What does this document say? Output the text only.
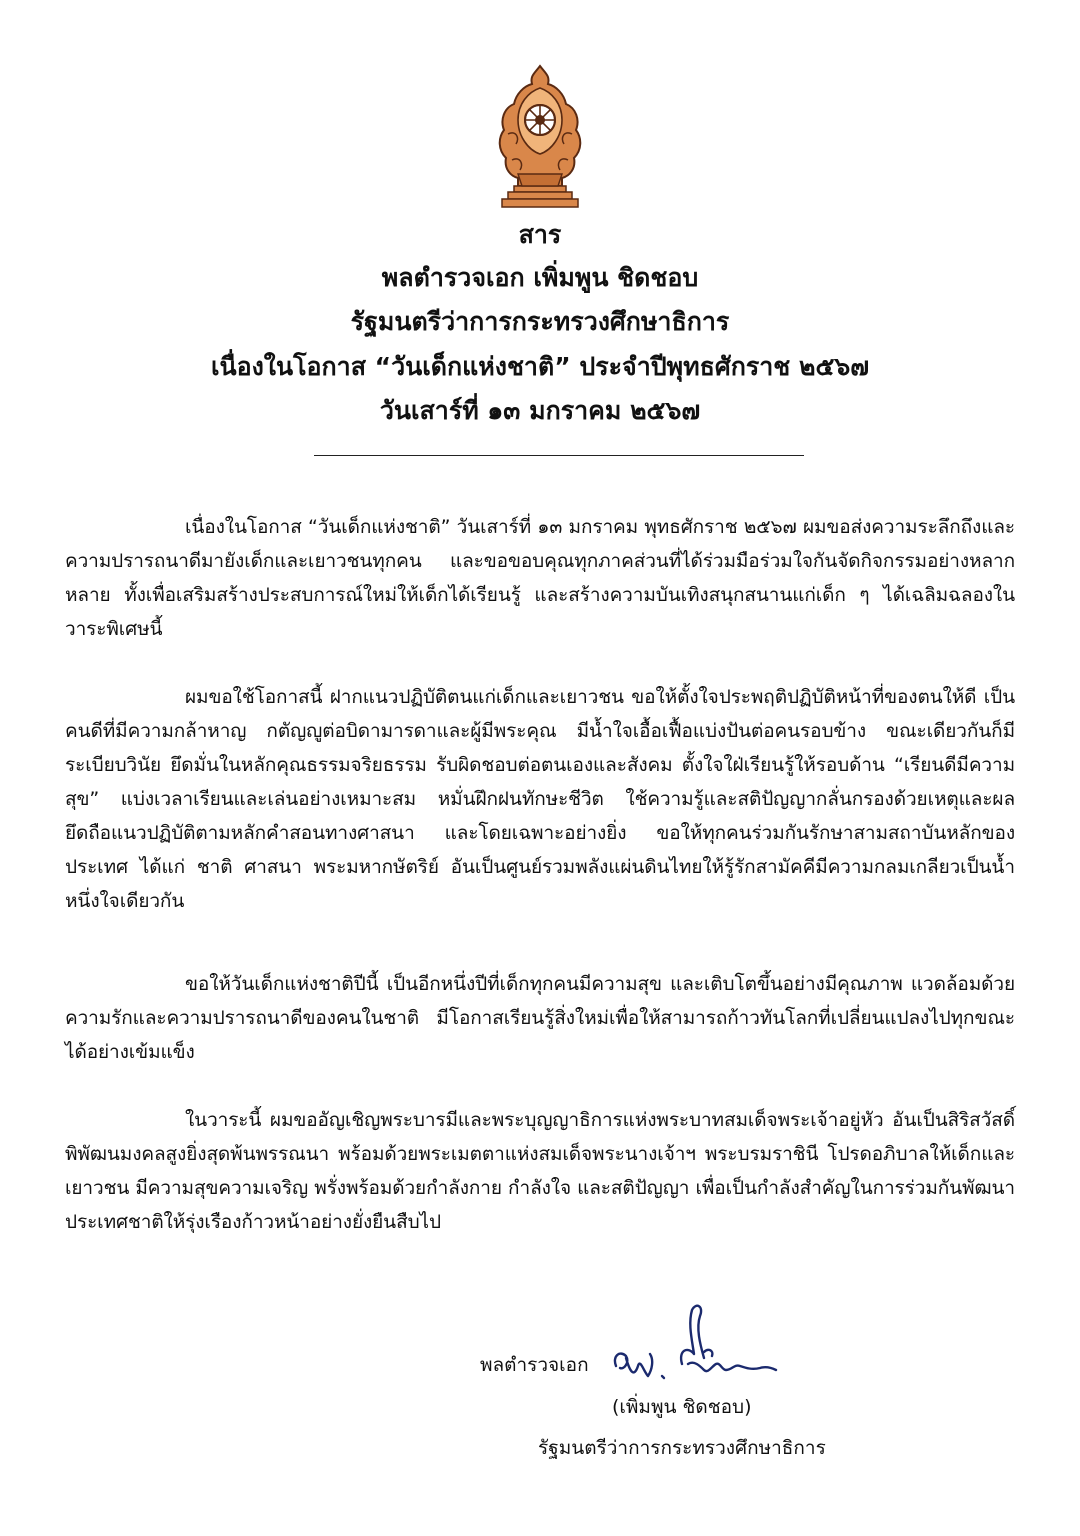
สาร
พลตำรวจเอก เพิ่มพูน ชิดชอบ
รัฐมนตรีว่าการกระทรวงศึกษาธิการ
เนื่องในโอกาส “วันเด็กแห่งชาติ” ประจำปีพุทธศักราช ๒๕๖๗
วันเสาร์ที่ ๑๓ มกราคม ๒๕๖๗
เนื่องในโอกาส “วันเด็กแห่งชาติ” วันเสาร์ที่ ๑๓ มกราคม พุทธศักราช ๒๕๖๗ ผมขอส่งความระลึกถึงและความปรารถนาดีมายังเด็กและเยาวชนทุกคน และขอขอบคุณทุกภาคส่วนที่ได้ร่วมมือร่วมใจกันจัดกิจกรรมอย่างหลากหลาย ทั้งเพื่อเสริมสร้างประสบการณ์ใหม่ให้เด็กได้เรียนรู้ และสร้างความบันเทิงสนุกสนานแก่เด็ก ๆ ได้เฉลิมฉลองในวาระพิเศษนี้
ผมขอใช้โอกาสนี้ ฝากแนวปฏิบัติตนแก่เด็กและเยาวชน ขอให้ตั้งใจประพฤติปฏิบัติหน้าที่ของตนให้ดี เป็นคนดีที่มีความกล้าหาญ กตัญญูต่อบิดามารดาและผู้มีพระคุณ มีน้ำใจเอื้อเฟื้อแบ่งปันต่อคนรอบข้าง ขณะเดียวกันก็มีระเบียบวินัย ยึดมั่นในหลักคุณธรรมจริยธรรม รับผิดชอบต่อตนเองและสังคม ตั้งใจใฝ่เรียนรู้ให้รอบด้าน “เรียนดีมีความสุข” แบ่งเวลาเรียนและเล่นอย่างเหมาะสม หมั่นฝึกฝนทักษะชีวิต ใช้ความรู้และสติปัญญากลั่นกรองด้วยเหตุและผล ยึดถือแนวปฏิบัติตามหลักคำสอนทางศาสนา และโดยเฉพาะอย่างยิ่ง ขอให้ทุกคนร่วมกันรักษาสามสถาบันหลักของประเทศ ได้แก่ ชาติ ศาสนา พระมหากษัตริย์ อันเป็นศูนย์รวมพลังแผ่นดินไทยให้รู้รักสามัคคีมีความกลมเกลียวเป็นน้ำหนึ่งใจเดียวกัน
ขอให้วันเด็กแห่งชาติปีนี้ เป็นอีกหนึ่งปีที่เด็กทุกคนมีความสุข และเติบโตขึ้นอย่างมีคุณภาพ แวดล้อมด้วยความรักและความปรารถนาดีของคนในชาติ มีโอกาสเรียนรู้สิ่งใหม่เพื่อให้สามารถก้าวทันโลกที่เปลี่ยนแปลงไปทุกขณะได้อย่างเข้มแข็ง
ในวาระนี้ ผมขออัญเชิญพระบารมีและพระบุญญาธิการแห่งพระบาทสมเด็จพระเจ้าอยู่หัว อันเป็นสิริสวัสดิ์พิพัฒนมงคลสูงยิ่งสุดพ้นพรรณนา พร้อมด้วยพระเมตตาแห่งสมเด็จพระนางเจ้าฯ พระบรมราชินี โปรดอภิบาลให้เด็กและเยาวชน มีความสุขความเจริญ พรั่งพร้อมด้วยกำลังกาย กำลังใจ และสติปัญญา เพื่อเป็นกำลังสำคัญในการร่วมกันพัฒนาประเทศชาติให้รุ่งเรืองก้าวหน้าอย่างยั่งยืนสืบไป
พลตำรวจเอก
(เพิ่มพูน ชิดชอบ)
รัฐมนตรีว่าการกระทรวงศึกษาธิการ
